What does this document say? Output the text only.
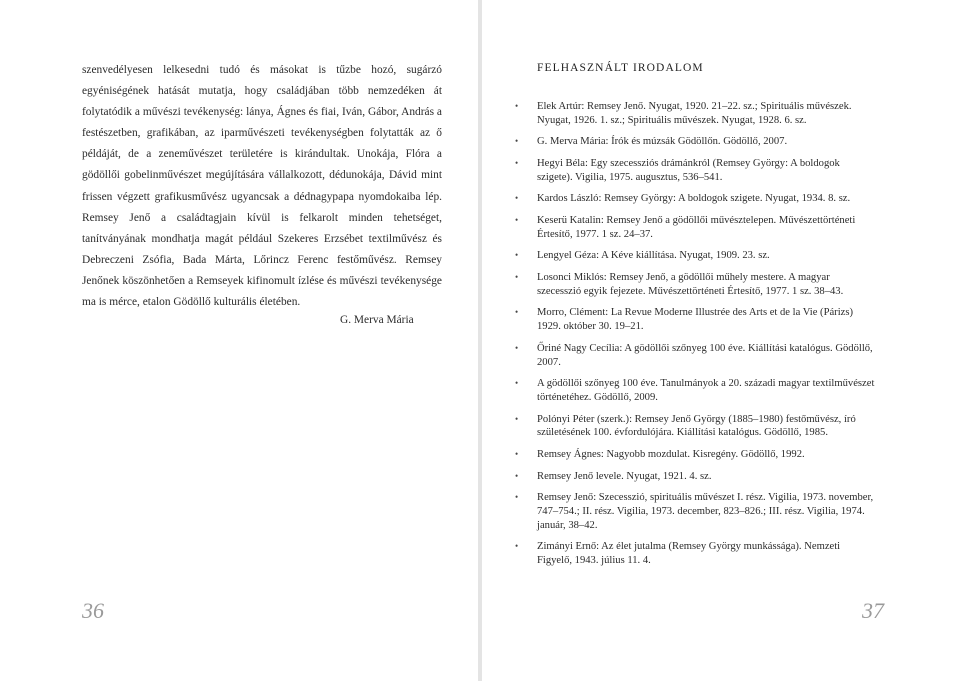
szenvedélyesen lelkesedni tudó és másokat is tűzbe hozó, sugárzó egyéniségének hatását mutatja, hogy családjában több nemzedéken át folytatódik a művészi tevékenység: lánya, Ágnes és fiai, Iván, Gábor, András a festészetben, grafikában, az iparművészeti tevékenységben folytatták az ő példáját, de a zeneművészet területére is kirándultak. Unokája, Flóra a gödöllői gobelinművészet megújítására vállalkozott, dédunokája, Dávid mint frissen végzett grafikusművész ugyancsak a dédnagypapa nyomdokaiba lép. Remsey Jenő a családtagjain kívül is felkarolt minden tehetséget, tanítványának mondhatja magát például Szekeres Erzsébet textilművész és Debreczeni Zsófia, Bada Márta, Lőrincz Ferenc festőművész. Remsey Jenőnek köszönhetően a Remseyek kifinomult ízlése és művészi tevékenysége ma is mérce, etalon Gödöllő kulturális életében.

G. Merva Mária

36

FELHASZNÁLT IRODALOM
• Elek Artúr: Remsey Jenő. Nyugat, 1920. 21–22. sz.; Spirituális művészek. Nyugat, 1926. 1. sz.; Spirituális művészek. Nyugat, 1928. 6. sz.
• G. Merva Mária: Írók és múzsák Gödöllőn. Gödöllő, 2007.
• Hegyi Béla: Egy szecessziós drámánkról (Remsey György: A boldogok szigete). Vigilia, 1975. augusztus, 536–541.
• Kardos László: Remsey György: A boldogok szigete. Nyugat, 1934. 8. sz.
• Keserü Katalin: Remsey Jenő a gödöllői művésztelepen. Művészettörténeti Értesítő, 1977. 1 sz. 24–37.
• Lengyel Géza: A Kéve kiállítása. Nyugat, 1909. 23. sz.
• Losonci Miklós: Remsey Jenő, a gödöllői műhely mestere. A magyar szecesszió egyik fejezete. Művészettörténeti Értesítő, 1977. 1 sz. 38–43.
• Morro, Clément: La Revue Moderne Illustrée des Arts et de la Vie (Párizs) 1929. október 30. 19–21.
• Őriné Nagy Cecília: A gödöllői szőnyeg 100 éve. Kiállítási katalógus. Gödöllő, 2007.
• A gödöllői szőnyeg 100 éve. Tanulmányok a 20. századi magyar textilművészet történetéhez. Gödöllő, 2009.
• Polónyi Péter (szerk.): Remsey Jenő György (1885–1980) festőművész, író születésének 100. évfordulójára. Kiállítási katalógus. Gödöllő, 1985.
• Remsey Ágnes: Nagyobb mozdulat. Kisregény. Gödöllő, 1992.
• Remsey Jenő levele. Nyugat, 1921. 4. sz.
• Remsey Jenő: Szecesszió, spirituális művészet I. rész. Vigilia, 1973. november, 747–754.; II. rész. Vigilia, 1973. december, 823–826.; III. rész. Vigilia, 1974. január, 38–42.
• Zimányi Ernő: Az élet jutalma (Remsey György munkássága). Nemzeti Figyelő, 1943. július 11. 4.

37
